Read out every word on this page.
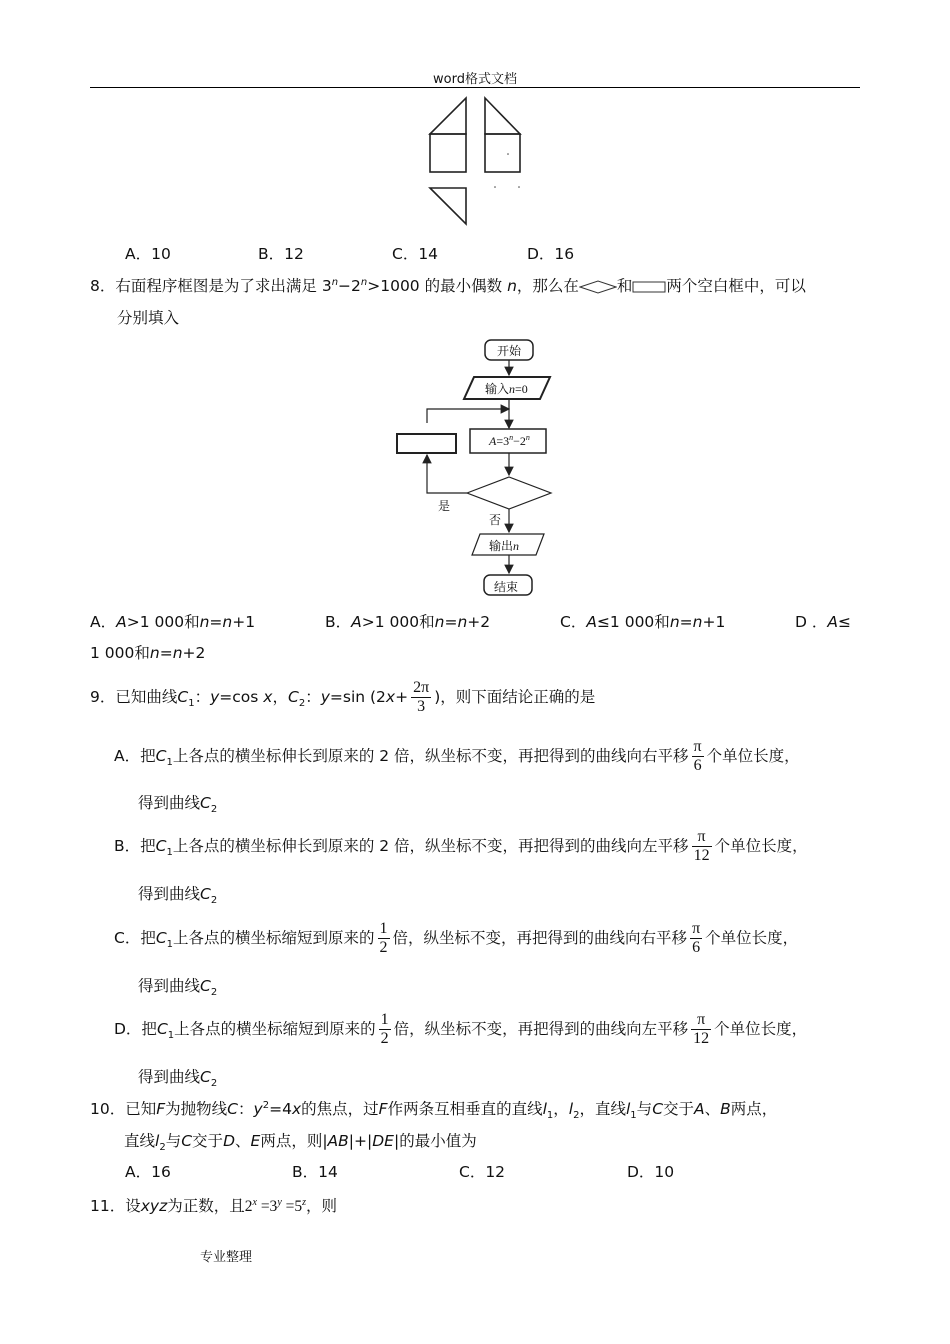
word格式文档
A．10	B．12	C．14	D．16
8．右面程序框图是为了求出满足 $3^n-2^n>1000$ 的最小偶数 n，那么在 和 两个空白框中，可以
分别填入
开始
输入n=0
$A=3^n-2^n$
是
否
输出n
结束
A．A>1 000和n=n+1	B．A>1 000和n=n+2	C．A≤1 000和n=n+1	D ．A≤
1 000和n=n+2
9．已知曲线$C_1$：y=cos x，$C_2$：y=sin ($2x+ \frac{2\pi}{3}$ )，则下面结论正确的是
A．把$C_1$上各点的横坐标伸长到原来的 2 倍，纵坐标不变，再把得到的曲线向右平移 $\frac{\pi}{6}$ 个单位长度，
得到曲线$C_2$
B．把$C_1$上各点的横坐标伸长到原来的 2 倍，纵坐标不变，再把得到的曲线向左平移 $\frac{\pi}{12}$ 个单位长度，
得到曲线$C_2$
C．把$C_1$上各点的横坐标缩短到原来的 $\frac{1}{2}$ 倍，纵坐标不变，再把得到的曲线向右平移 $\frac{\pi}{6}$ 个单位长度，
得到曲线$C_2$
D．把$C_1$上各点的横坐标缩短到原来的 $\frac{1}{2}$ 倍，纵坐标不变，再把得到的曲线向左平移 $\frac{\pi}{12}$ 个单位长度，
得到曲线$C_2$
10．已知F为抛物线C：$y^2=4x$的焦点，过F作两条互相垂直的直线$l_1$，$l_2$，直线$l_1$与C交于A、B两点，
直线$l_2$与C交于D、E两点，则|AB|+|DE|的最小值为
A．16	B．14	C．12	D．10
11．设xyz为正数，且$2^x =3^y =5^z$，则
专业整理
